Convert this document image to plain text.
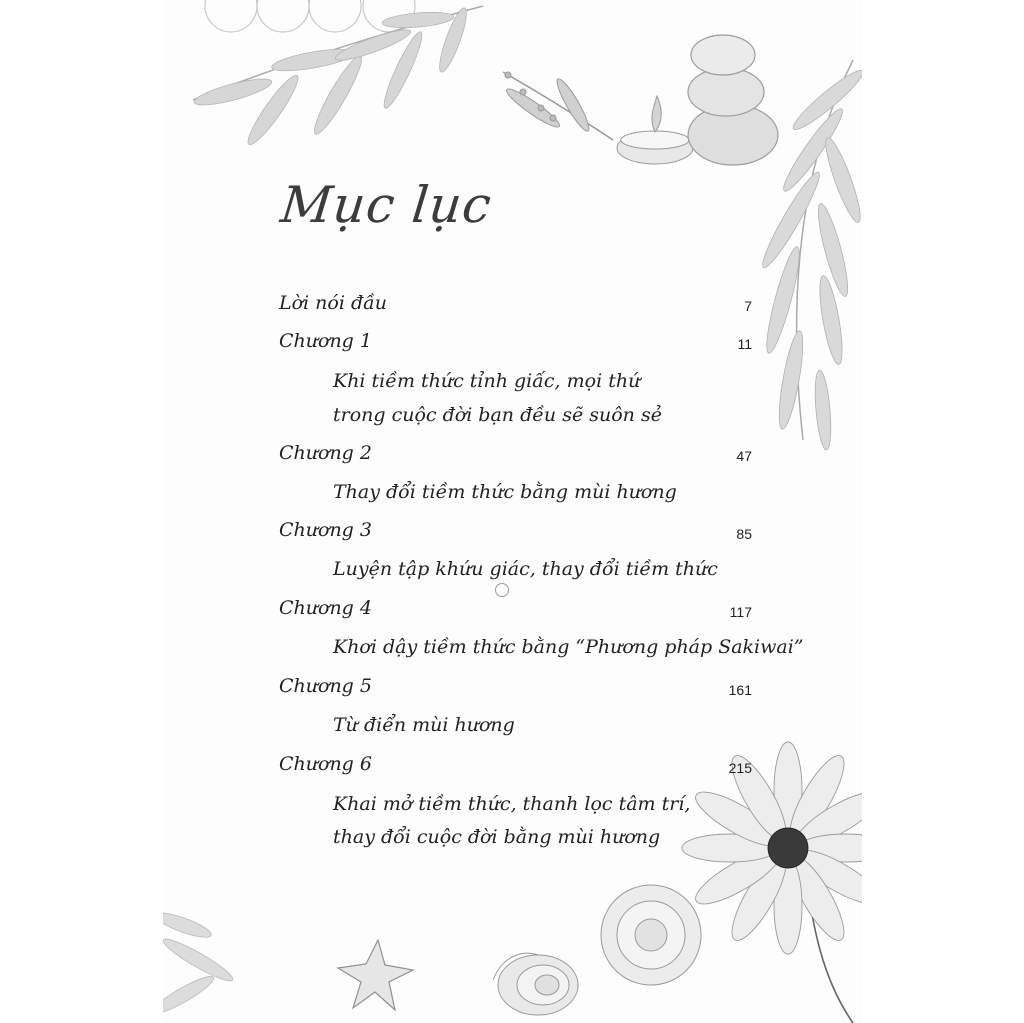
Mục lục
Lời nói đầu	7
Chương 1	11
Khi tiềm thức tỉnh giấc, mọi thứ
trong cuộc đời bạn đều sẽ suôn sẻ
Chương 2	47
Thay đổi tiềm thức bằng mùi hương
Chương 3	85
Luyện tập khứu giác, thay đổi tiềm thức
Chương 4	117
Khơi dậy tiềm thức bằng “Phương pháp Sakiwai”
Chương 5	161
Từ điển mùi hương
Chương 6	215
Khai mở tiềm thức, thanh lọc tâm trí,
thay đổi cuộc đời bằng mùi hương
